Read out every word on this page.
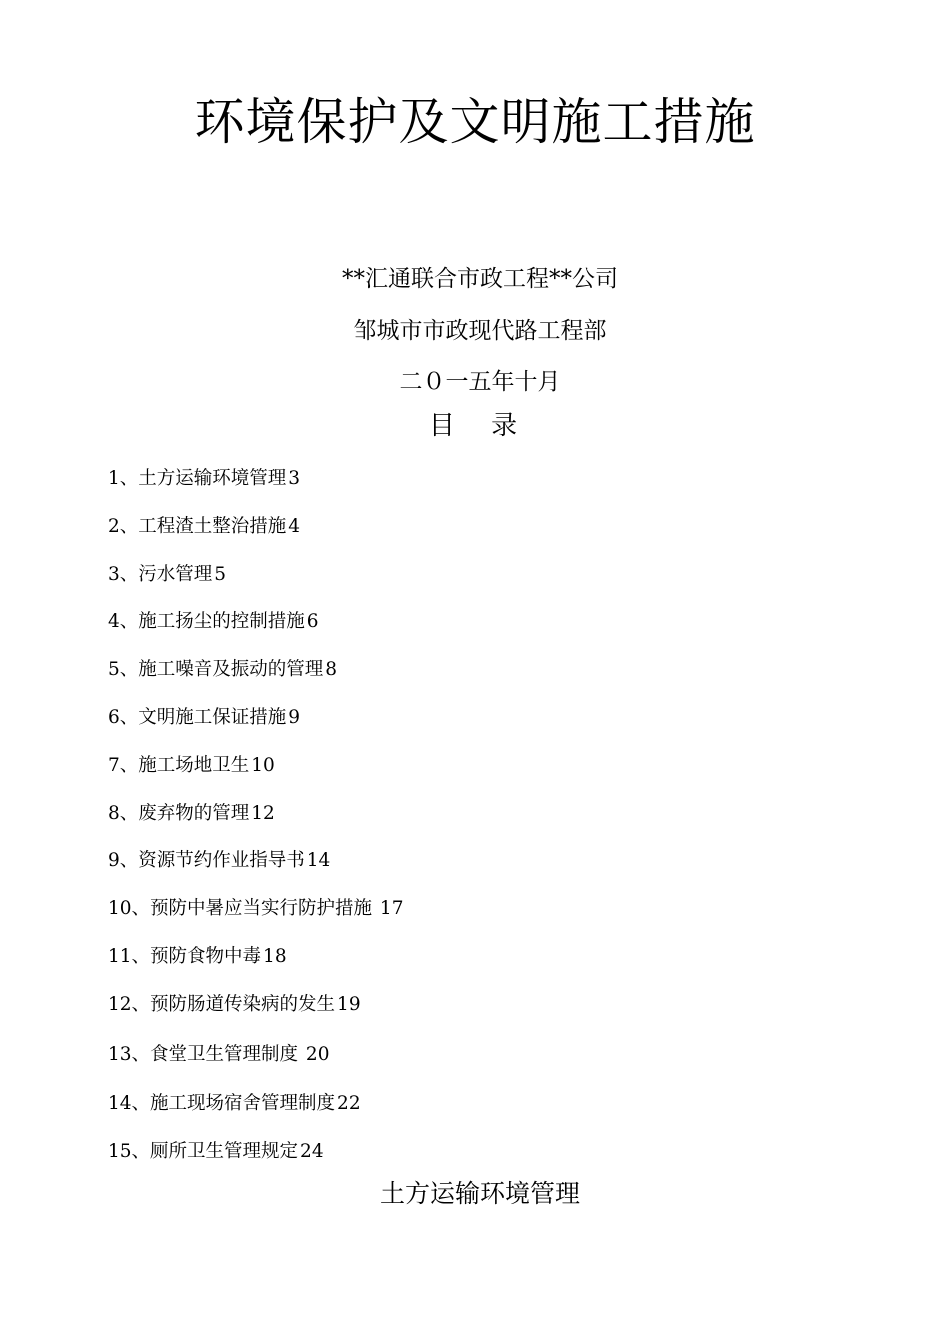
环境保护及文明施工措施
**汇通联合市政工程**公司
邹城市市政现代路工程部
二０一五年十月
目 录
1、土方运输环境管理 3
2、工程渣土整治措施 4
3、污水管理 5
4、施工扬尘的控制措施 6
5、施工噪音及振动的管理 8
6、文明施工保证措施 9
7、施工场地卫生 10
8、废弃物的管理 12
9、资源节约作业指导书 14
10、预防中暑应当实行防护措施 17
11、预防食物中毒 18
12、预防肠道传染病的发生 19
13、食堂卫生管理制度 20
14、施工现场宿舍管理制度 22
15、厕所卫生管理规定 24
土方运输环境管理
